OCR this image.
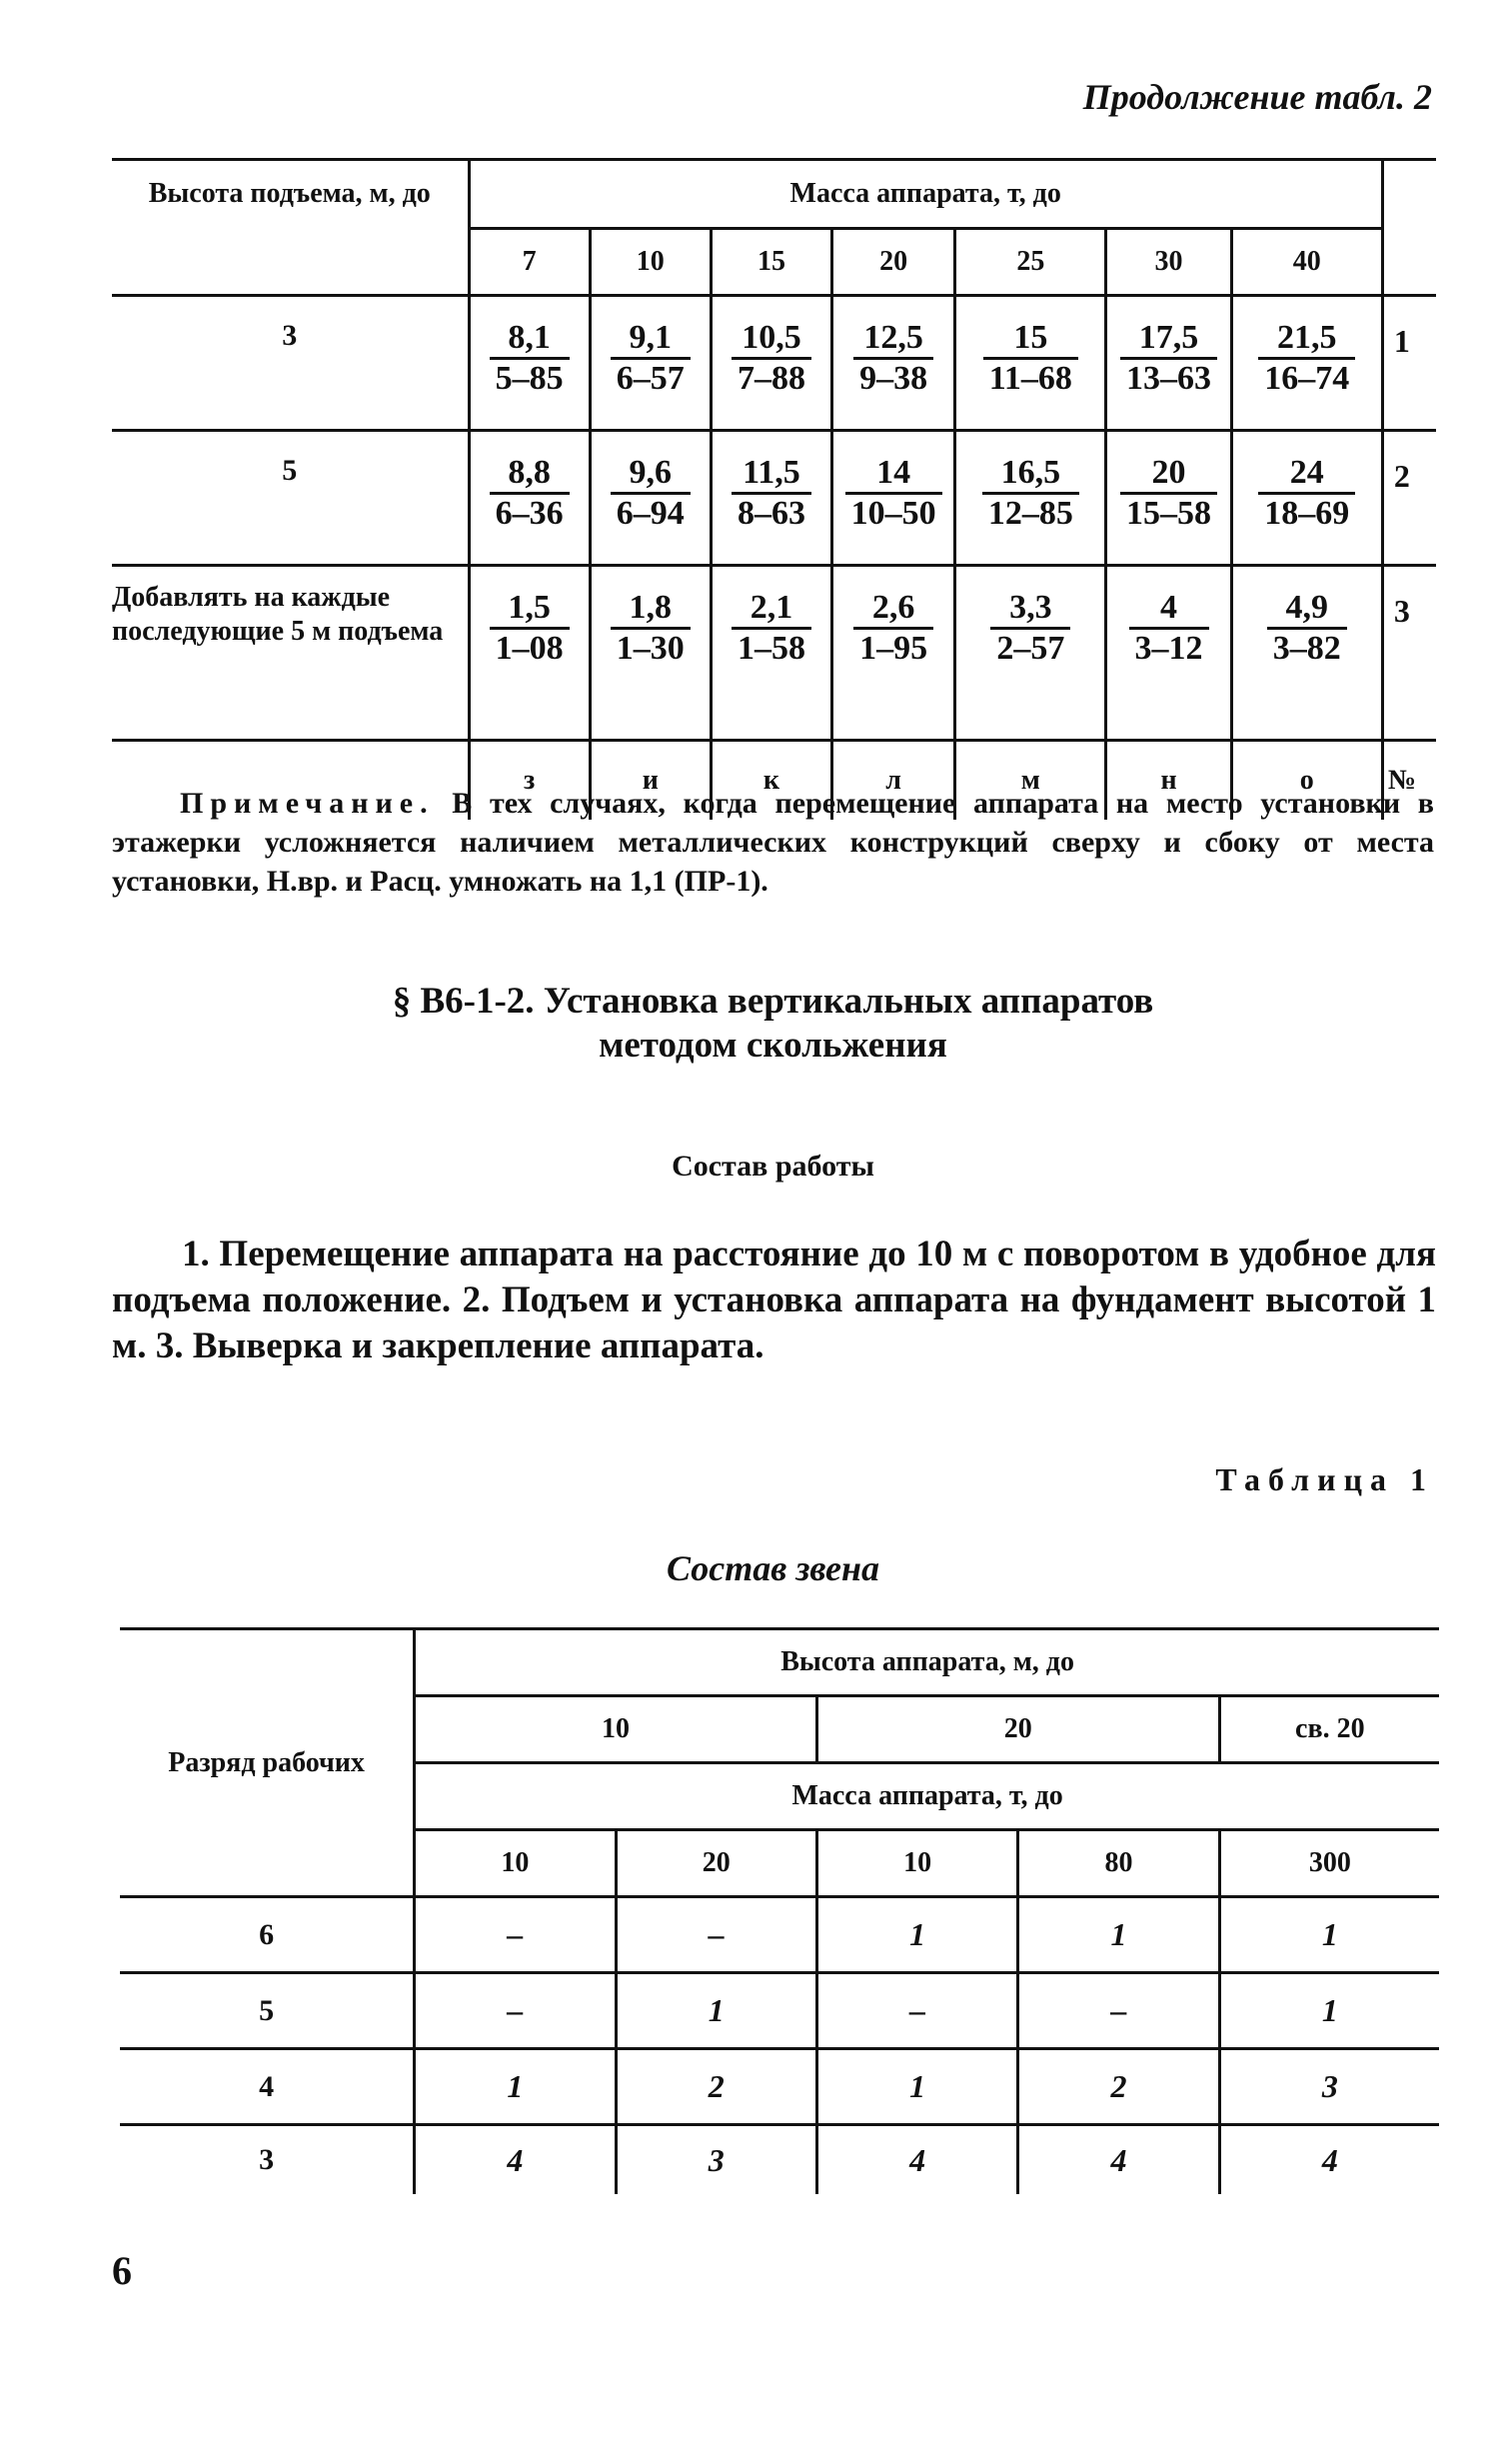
Продолжение табл. 2
Высота подъема, м, до	Масса аппарата, т, до							
	7	10	15	20	25	30	40	
3	$\frac{8,1}{5-85}$	$\frac{9,1}{6-57}$	$\frac{10,5}{7-88}$	$\frac{12,5}{9-38}$	$\frac{15}{11-68}$	$\frac{17,5}{13-63}$	$\frac{21,5}{16-74}$	1
5	$\frac{8,8}{6-36}$	$\frac{9,6}{6-94}$	$\frac{11,5}{8-63}$	$\frac{14}{10-50}$	$\frac{16,5}{12-85}$	$\frac{20}{15-58}$	$\frac{24}{18-69}$	2
Добавлять на каждые последующие 5 м подъема	$\frac{1,5}{1-08}$	$\frac{1,8}{1-30}$	$\frac{2,1}{1-58}$	$\frac{2,6}{1-95}$	$\frac{3,3}{2-57}$	$\frac{4}{3-12}$	$\frac{4,9}{3-82}$	3
	з	и	к	л	м	н	о	№
Примечание. В тех случаях, когда перемещение аппарата на место установки в этажерки усложняется наличием металлических конструкций сверху и сбоку от места установки, Н.вр. и Расц. умножать на 1,1 (ПР-1).
§ В6-1-2. Установка вертикальных аппаратов
методом скольжения
Состав работы
1. Перемещение аппарата на расстояние до 10 м с поворотом в удобное для подъема положение. 2. Подъем и установка аппарата на фундамент высотой 1 м. 3. Выверка и закрепление аппарата.
Таблица 1
Состав звена
Разряд рабочих	Высота аппарата, м, до				
	10		20		св. 20
	Масса аппарата, т, до				
	10	20	10	80	300
6	–	–	1	1	1
5	–	1	–	–	1
4	1	2	1	2	3
3	4	3	4	4	4
6
